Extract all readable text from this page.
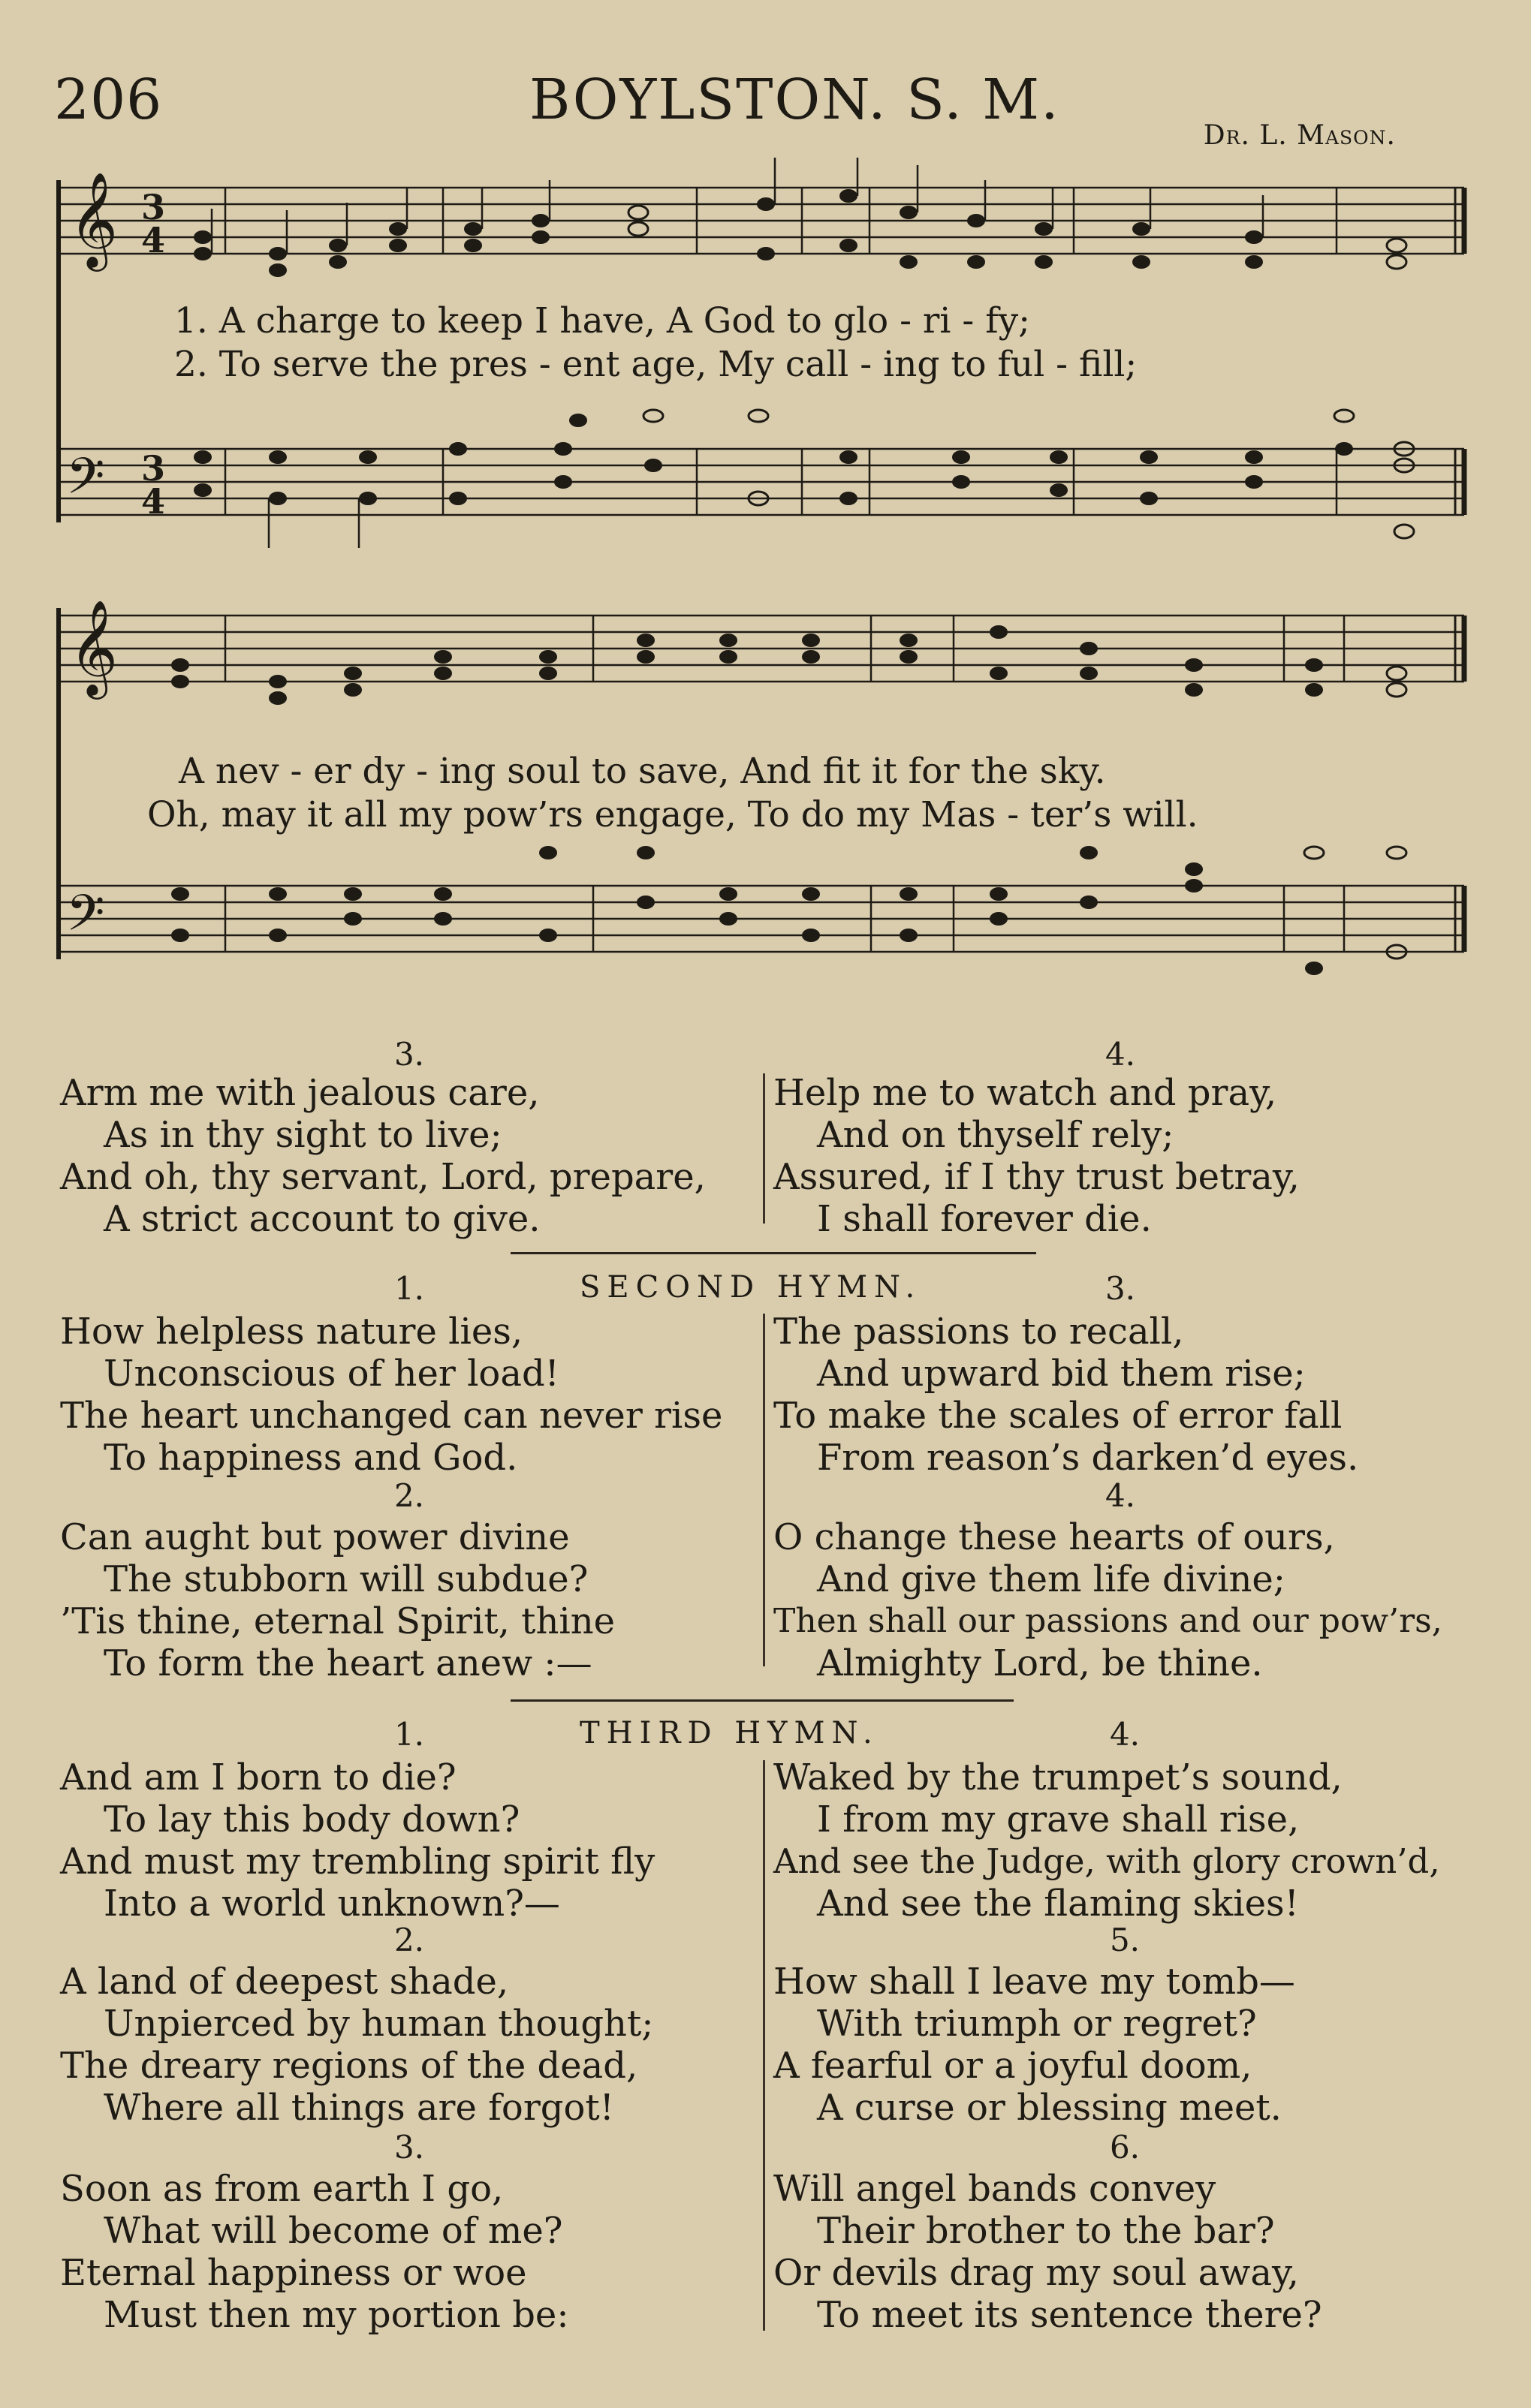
206	BOYLSTON. S. M.
Dr. L. Mason.
𝄞
𝄢
𝄞
𝄢
3
4
3
4
1. A charge to keep I have, A God to glo - ri - fy;
2. To serve the pres - ent age, My call - ing to ful - fill;
A nev - er dy - ing soul to save, And fit it for the sky.
Oh, may it all my pow’rs engage, To do my Mas - ter’s will.
3.
Arm me with jealous care,
As in thy sight to live;
And oh, thy servant, Lord, prepare,
A strict account to give.
4.
Help me to watch and pray,
And on thyself rely;
Assured, if I thy trust betray,
I shall forever die.
1.	SECOND HYMN.	3.
How helpless nature lies,
Unconscious of her load!
The heart unchanged can never rise
To happiness and God.
2.
Can aught but power divine
The stubborn will subdue?
’Tis thine, eternal Spirit, thine
To form the heart anew :—
The passions to recall,
And upward bid them rise;
To make the scales of error fall
From reason’s darken’d eyes.
4.
O change these hearts of ours,
And give them life divine;
Then shall our passions and our pow’rs,
Almighty Lord, be thine.
1.	THIRD HYMN.	4.
And am I born to die?
To lay this body down?
And must my trembling spirit fly
Into a world unknown?—
2.
A land of deepest shade,
Unpierced by human thought;
The dreary regions of the dead,
Where all things are forgot!
3.
Soon as from earth I go,
What will become of me?
Eternal happiness or woe
Must then my portion be:
Waked by the trumpet’s sound,
I from my grave shall rise,
And see the Judge, with glory crown’d,
And see the flaming skies!
5.
How shall I leave my tomb—
With triumph or regret?
A fearful or a joyful doom,
A curse or blessing meet.
6.
Will angel bands convey
Their brother to the bar?
Or devils drag my soul away,
To meet its sentence there?
